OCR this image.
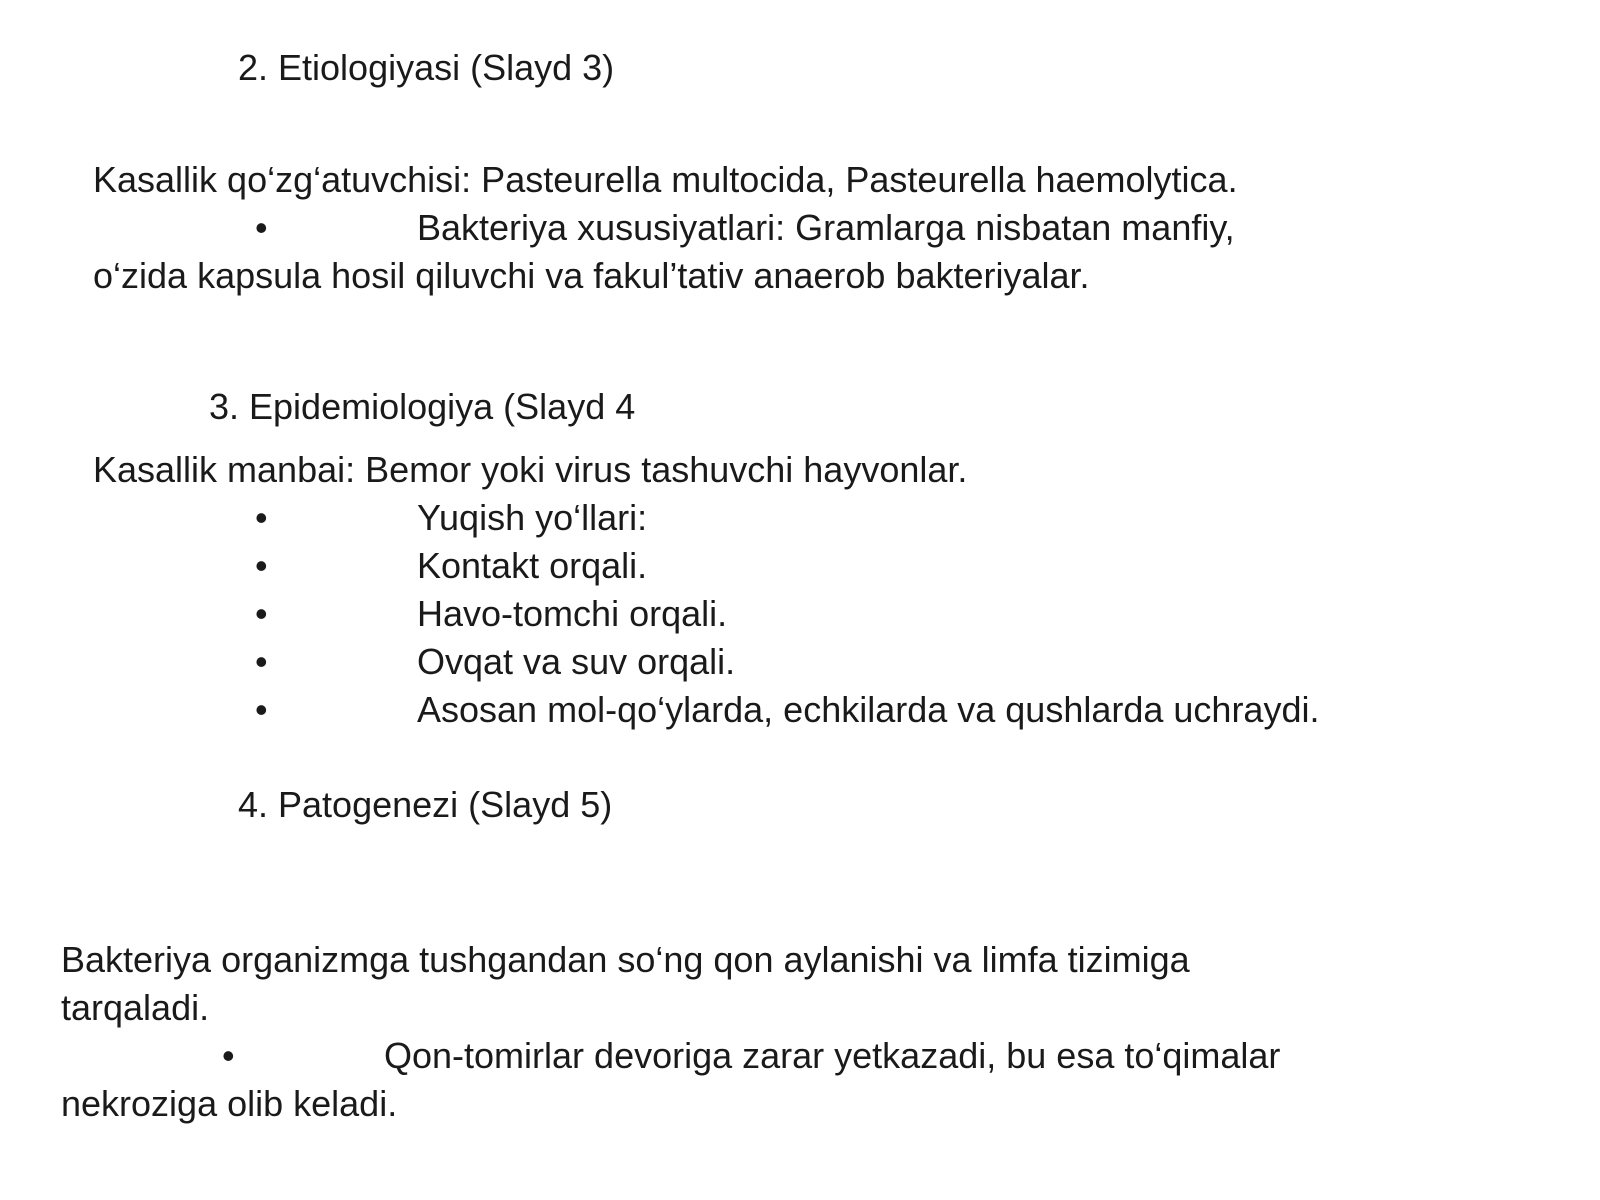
2. Etiologiyasi (Slayd 3)
Kasallik qo‘zg‘atuvchisi: Pasteurella multocida, Pasteurella haemolytica.
•	Bakteriya xususiyatlari: Gramlarga nisbatan manfiy,
o‘zida kapsula hosil qiluvchi va fakul’tativ anaerob bakteriyalar.
3. Epidemiologiya (Slayd 4
Kasallik manbai: Bemor yoki virus tashuvchi hayvonlar.
•	Yuqish yo‘llari:
•	Kontakt orqali.
•	Havo-tomchi orqali.
•	Ovqat va suv orqali.
•	Asosan mol-qo‘ylarda, echkilarda va qushlarda uchraydi.
4. Patogenezi (Slayd 5)
Bakteriya organizmga tushgandan so‘ng qon aylanishi va limfa tizimiga
tarqaladi.
•	Qon-tomirlar devoriga zarar yetkazadi, bu esa to‘qimalar
nekroziga olib keladi.
